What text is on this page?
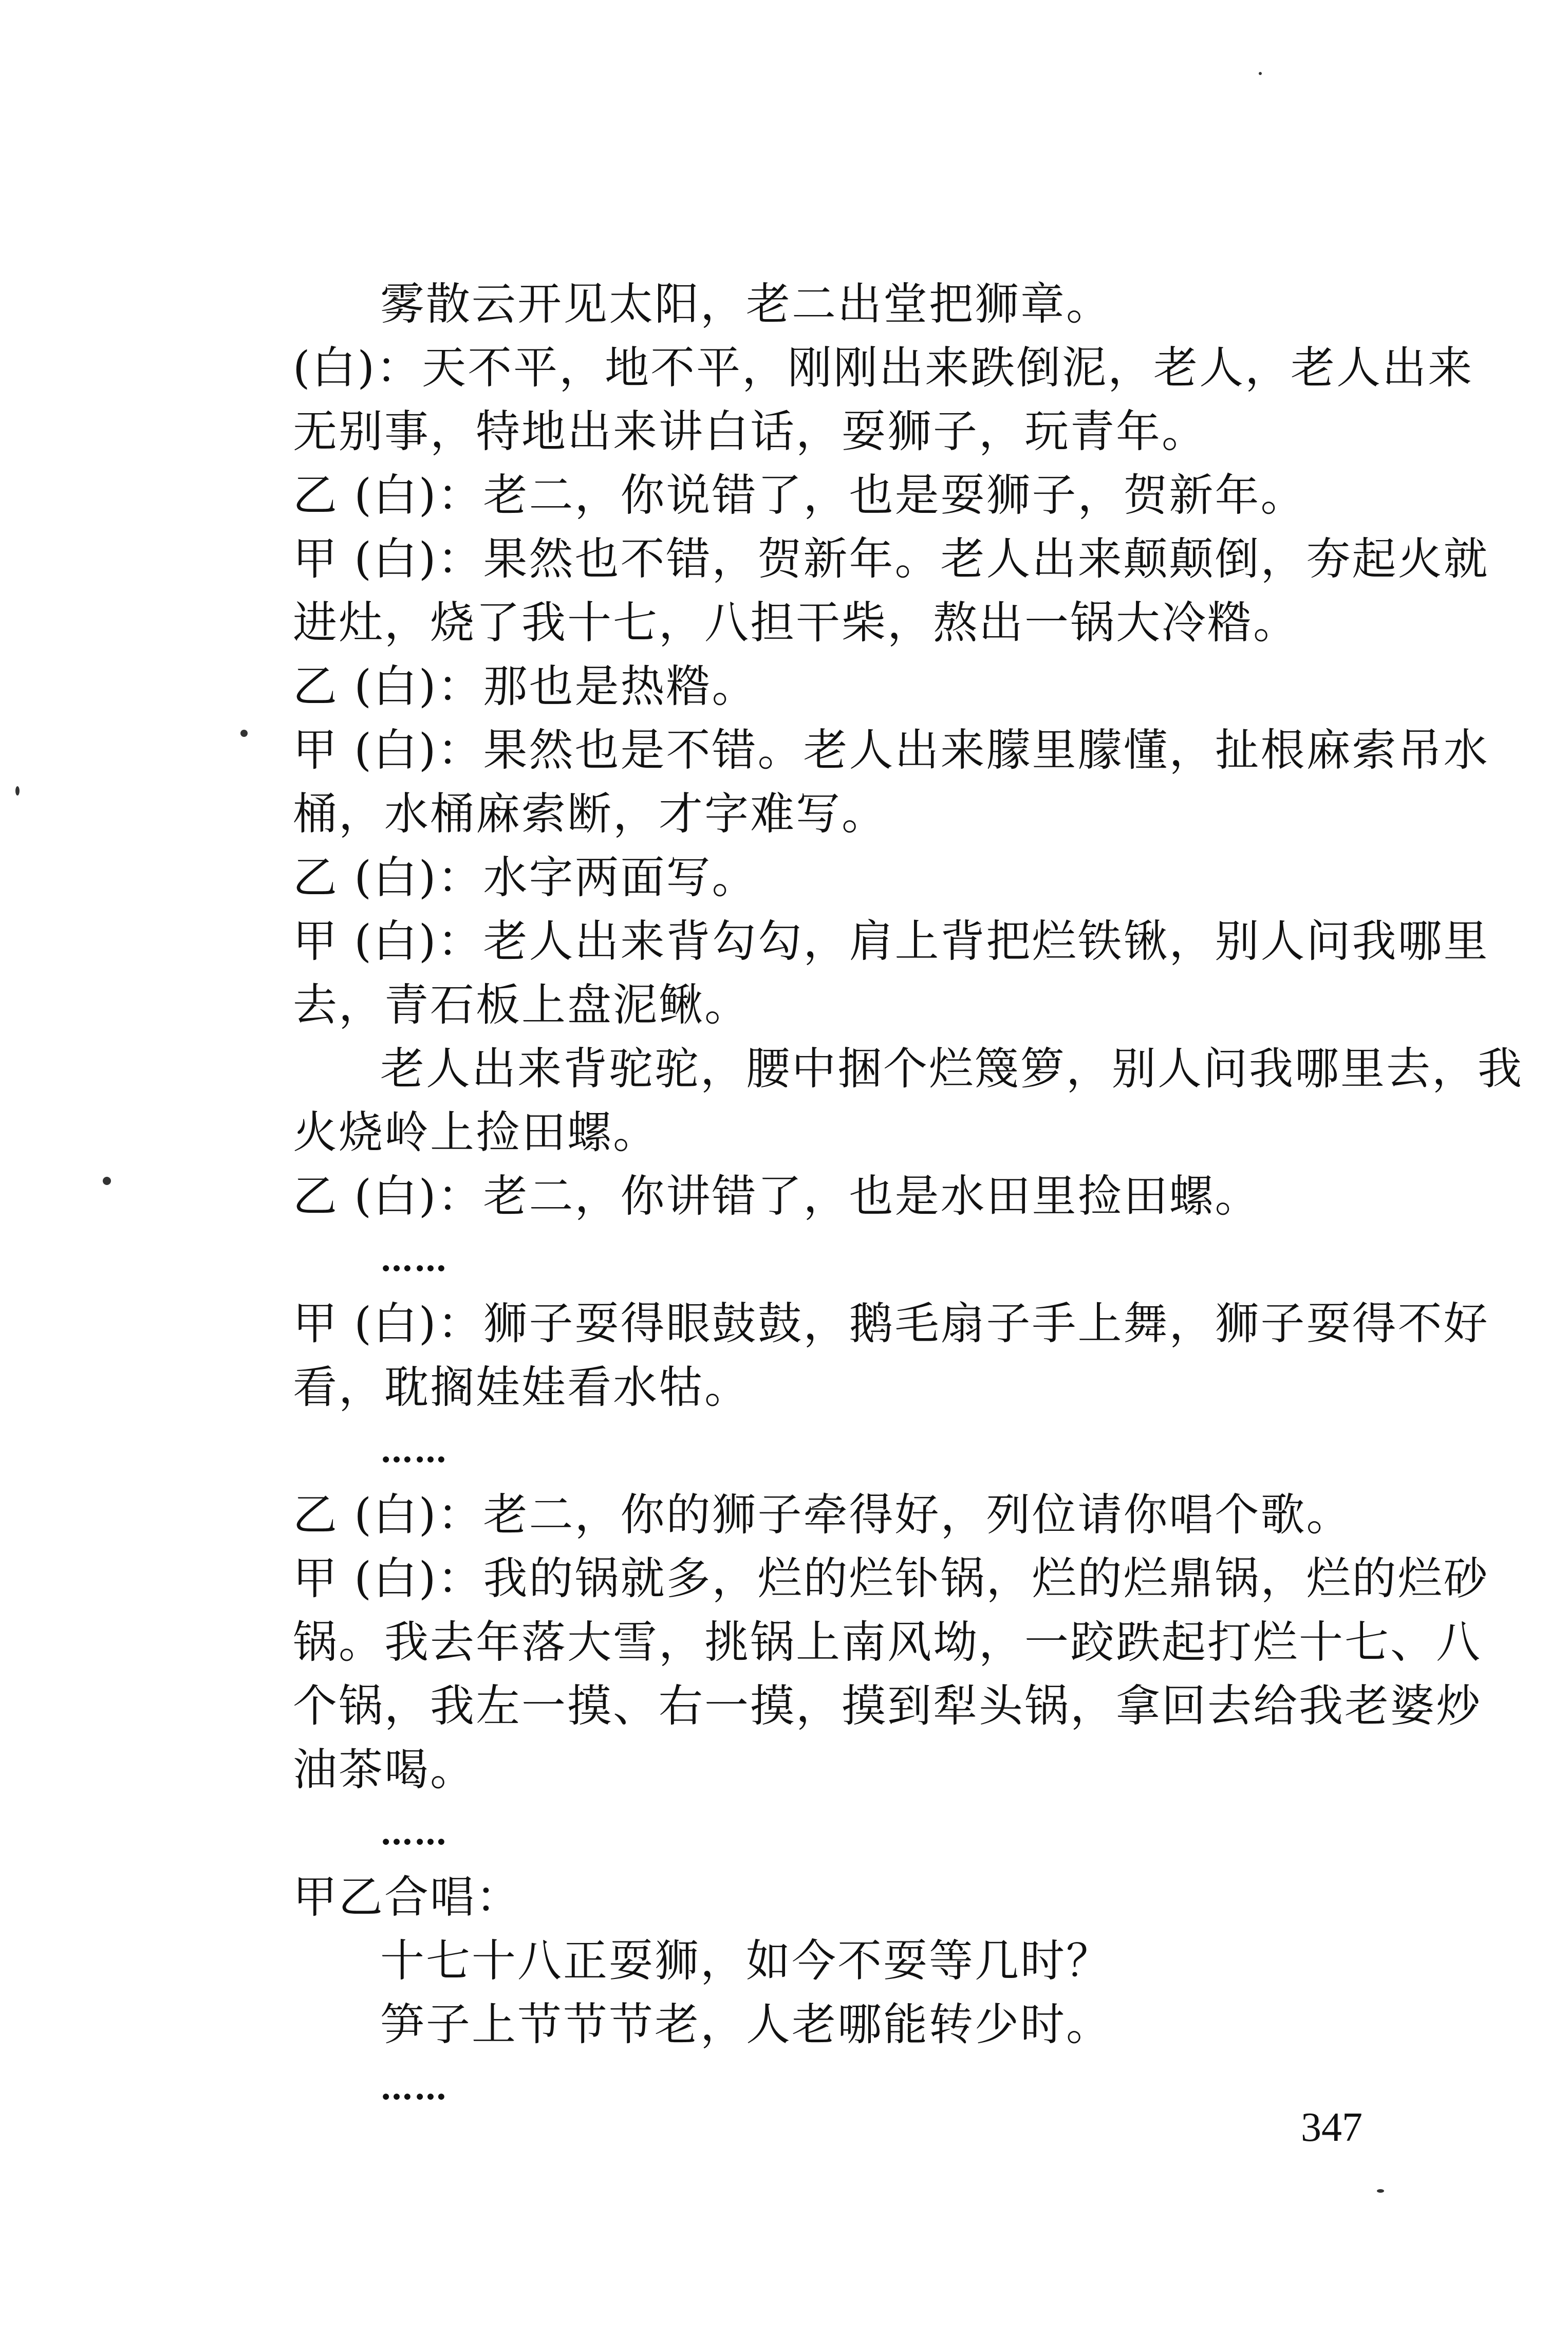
雾散云开见太阳，老二出堂把狮章。
(白)：天不平，地不平，刚刚出来跌倒泥，老人，老人出来
无别事，特地出来讲白话，耍狮子，玩青年。
乙 (白)：老二，你说错了，也是耍狮子，贺新年。
甲 (白)：果然也不错，贺新年。老人出来颠颠倒，夯起火就
进灶，烧了我十七，八担干柴，熬出一锅大冷糌。
乙 (白)：那也是热糌。
甲 (白)：果然也是不错。老人出来朦里朦懂，扯根麻索吊水
桶，水桶麻索断，才字难写。
乙 (白)：水字两面写。
甲 (白)：老人出来背勾勾，肩上背把烂铁锹，别人问我哪里
去，青石板上盘泥鳅。
老人出来背驼驼，腰中捆个烂篾箩，别人问我哪里去，我
火烧岭上捡田螺。
乙 (白)：老二，你讲错了，也是水田里捡田螺。
……
甲 (白)：狮子耍得眼鼓鼓，鹅毛扇子手上舞，狮子耍得不好
看，耽搁娃娃看水牯。
……
乙 (白)：老二，你的狮子牵得好，列位请你唱个歌。
甲 (白)：我的锅就多，烂的烂钋锅，烂的烂鼎锅，烂的烂砂
锅。我去年落大雪，挑锅上南风坳，一跤跌起打烂十七、八
个锅，我左一摸、右一摸，摸到犁头锅，拿回去给我老婆炒
油茶喝。
……
甲乙合唱：
十七十八正耍狮，如今不耍等几时？
笋子上节节节老，人老哪能转少时。
……
347
